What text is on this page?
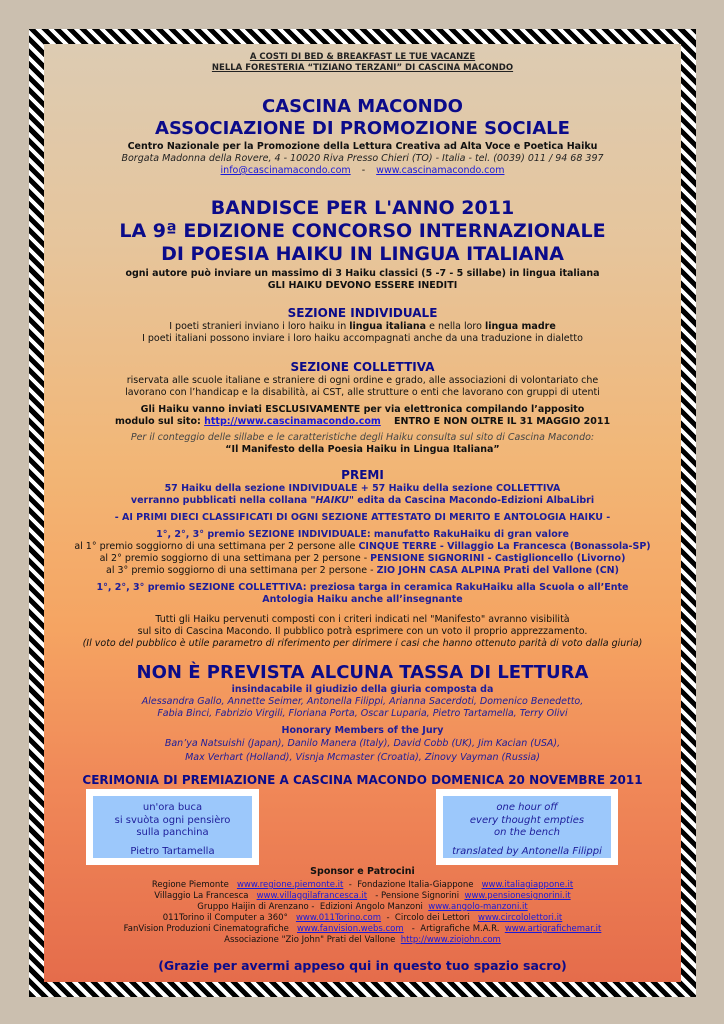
A COSTI DI BED & BREAKFAST LE TUE VACANZE
NELLA FORESTERIA “TIZIANO TERZANI” DI CASCINA MACONDO
CASCINA MACONDO
ASSOCIAZIONE DI PROMOZIONE SOCIALE
Centro Nazionale per la Promozione della Lettura Creativa ad Alta Voce e Poetica Haiku
Borgata Madonna della Rovere, 4 - 10020 Riva Presso Chieri (TO) - Italia - tel. (0039) 011 / 94 68 397
info@cascinamacondo.com - www.cascinamacondo.com
BANDISCE PER L'ANNO 2011
LA 9ª EDIZIONE CONCORSO INTERNAZIONALE
DI POESIA HAIKU IN LINGUA ITALIANA
ogni autore può inviare un massimo di 3 Haiku classici (5 -7 - 5 sillabe) in lingua italiana
GLI HAIKU DEVONO ESSERE INEDITI
SEZIONE INDIVIDUALE
I poeti stranieri inviano i loro haiku in lingua italiana e nella loro lingua madre
I poeti italiani possono inviare i loro haiku accompagnati anche da una traduzione in dialetto
SEZIONE COLLETTIVA
riservata alle scuole italiane e straniere di ogni ordine e grado, alle associazioni di volontariato che
lavorano con l’handicap e la disabilità, ai CST, alle strutture o enti che lavorano con gruppi di utenti
Gli Haiku vanno inviati ESCLUSIVAMENTE per via elettronica compilando l’apposito
modulo sul sito: http://www.cascinamacondo.com    ENTRO E NON OLTRE IL 31 MAGGIO 2011
Per il conteggio delle sillabe e le caratteristiche degli Haiku consulta sul sito di Cascina Macondo:
“Il Manifesto della Poesia Haiku in Lingua Italiana”
PREMI
57 Haiku della sezione INDIVIDUALE + 57 Haiku della sezione COLLETTIVA
verranno pubblicati nella collana "HAIKU" edita da Cascina Macondo-Edizioni AlbaLibri
- AI PRIMI DIECI CLASSIFICATI DI OGNI SEZIONE ATTESTATO DI MERITO E ANTOLOGIA HAIKU -
1°, 2°, 3° premio SEZIONE INDIVIDUALE: manufatto RakuHaiku di gran valore
al 1° premio soggiorno di una settimana per 2 persone alle CINQUE TERRE - Villaggio La Francesca (Bonassola-SP)
al 2° premio soggiorno di una settimana per 2 persone - PENSIONE SIGNORINI - Castiglioncello (Livorno)
al 3° premio soggiorno di una settimana per 2 persone - ZIO JOHN CASA ALPINA Prati del Vallone (CN)
1°, 2°, 3° premio SEZIONE COLLETTIVA: preziosa targa in ceramica RakuHaiku alla Scuola o all’Ente
Antologia Haiku anche all’insegnante
Tutti gli Haiku pervenuti composti con i criteri indicati nel "Manifesto" avranno visibilità
sul sito di Cascina Macondo. Il pubblico potrà esprimere con un voto il proprio apprezzamento.
(Il voto del pubblico è utile parametro di riferimento per dirimere i casi che hanno ottenuto parità di voto dalla giuria)
NON È PREVISTA ALCUNA TASSA DI LETTURA
insindacabile il giudizio della giuria composta da
Alessandra Gallo, Annette Seimer, Antonella Filippi, Arianna Sacerdoti, Domenico Benedetto,
Fabia Binci, Fabrizio Virgili, Floriana Porta, Oscar Luparia, Pietro Tartamella, Terry Olivi
Honorary Members of the Jury
Ban’ya Natsuishi (Japan), Danilo Manera (Italy), David Cobb (UK), Jim Kacian (USA),
Max Verhart (Holland), Visnja Mcmaster (Croatia), Zinovy Vayman (Russia)
CERIMONIA DI PREMIAZIONE A CASCINA MACONDO DOMENICA 20 NOVEMBRE 2011
un'ora buca
si svuòta ogni pensièro
sulla panchina
Pietro Tartamella
one hour off
every thought empties
on the bench
translated by Antonella Filippi
Sponsor e Patrocini
Regione Piemonte   www.regione.piemonte.it  -  Fondazione Italia-Giappone   www.italiagiappone.it
Villaggio La Francesca   www.villaggilafrancesca.it   - Pensione Signorini  www.pensionesignorini.it
Gruppo Haijin di Arenzano -  Edizioni Angolo Manzoni  www.angolo-manzoni.it
011Torino il Computer a 360°   www.011Torino.com  -  Circolo dei Lettori   www.circololettori.it
FanVision Produzioni Cinematografiche   www.fanvision.webs.com   -  Artigrafiche M.A.R.  www.artigrafichemar.it
Associazione "Zio John" Prati del Vallone  http://www.ziojohn.com
(Grazie per avermi appeso qui in questo tuo spazio sacro)
